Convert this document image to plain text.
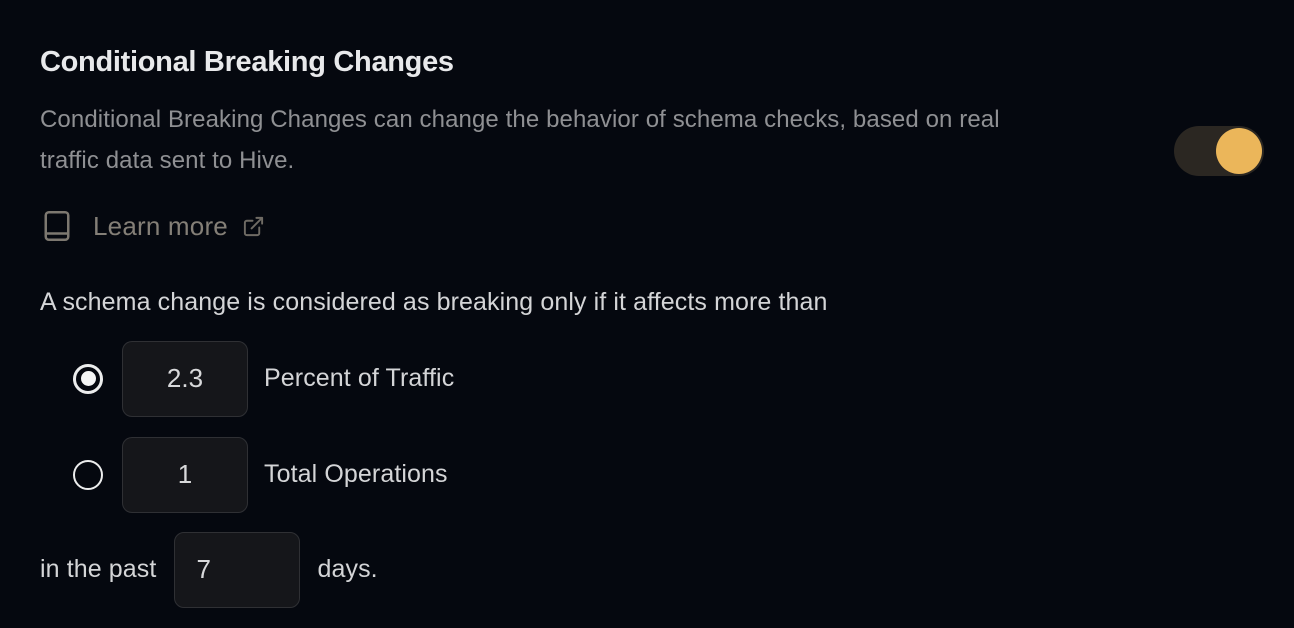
Conditional Breaking Changes

Conditional Breaking Changes can change the behavior of schema checks, based on real
traffic data sent to Hive.

Learn more

A schema change is considered as breaking only if it affects more than

2.3
Percent of Traffic
1
Total Operations
in the past
7	days.
